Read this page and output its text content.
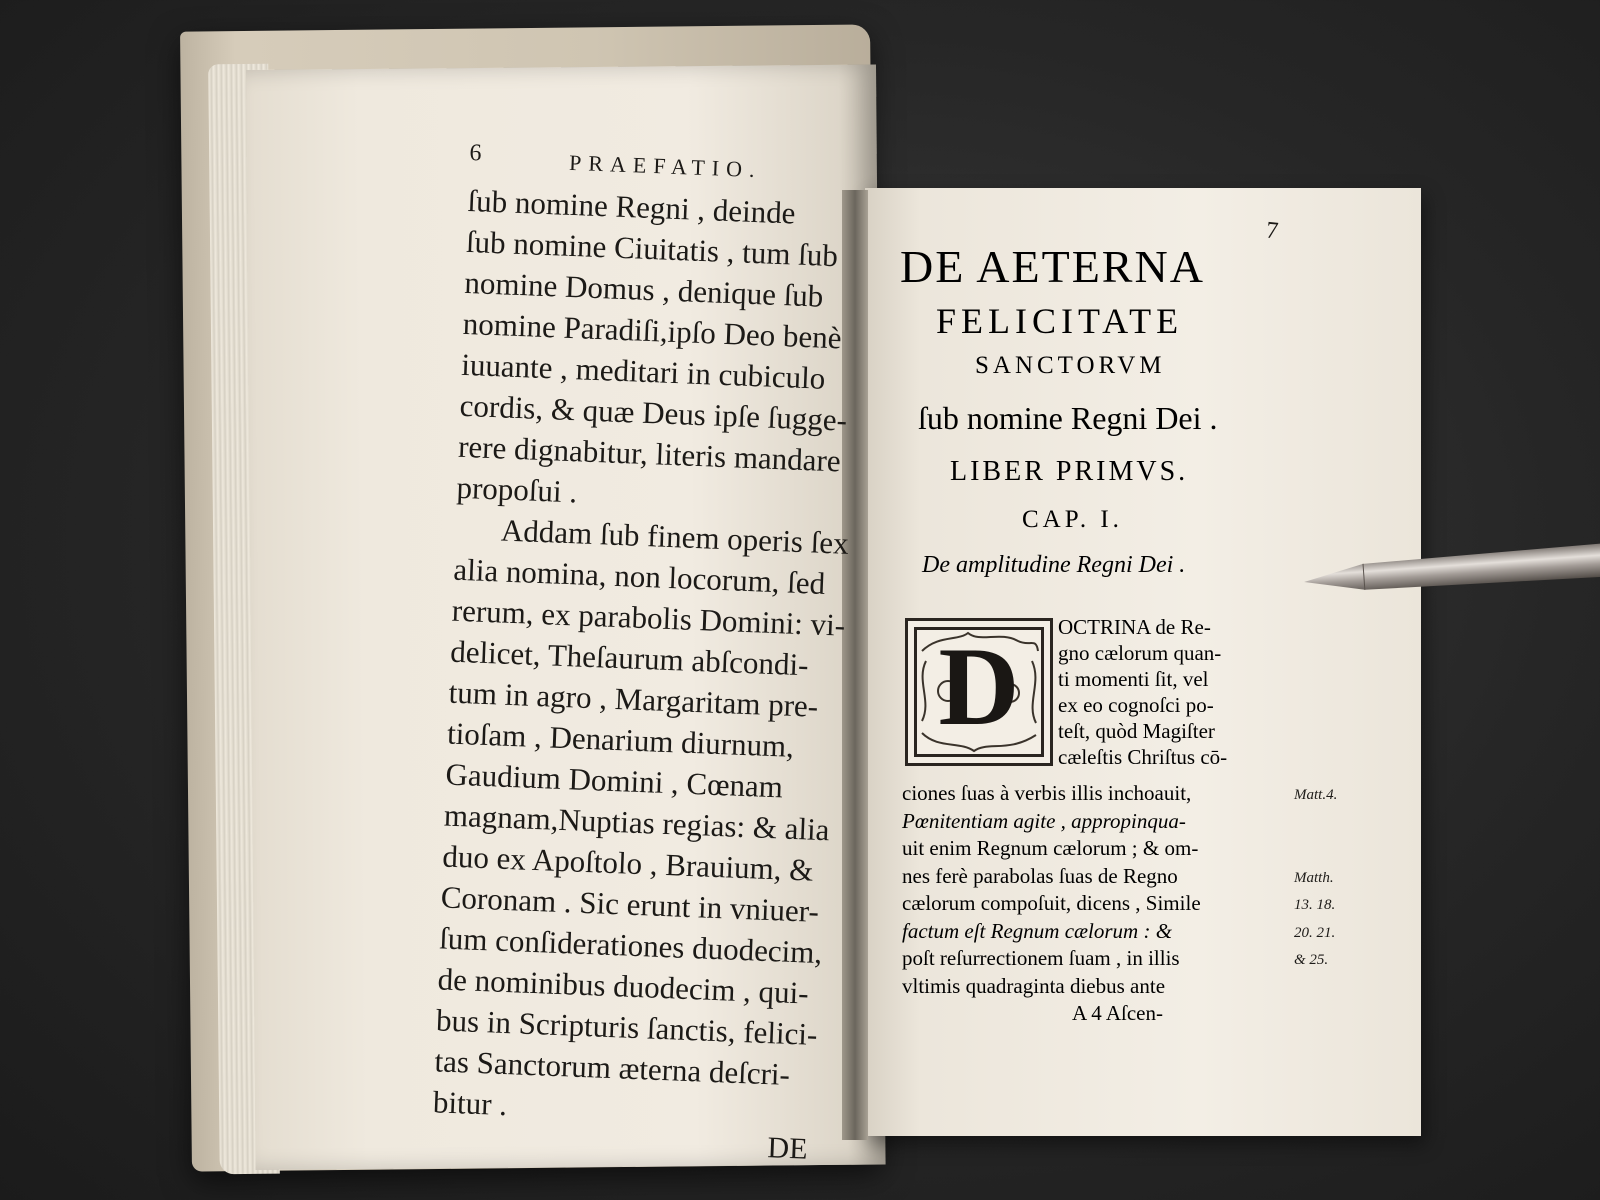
6	PRAEFATIO.
ſub nomine Regni , deinde
ſub nomine Ciuitatis , tum ſub
nomine Domus , denique ſub
nomine Paradiſi,ipſo Deo benè
iuuante , meditari in cubiculo
cordis, & quæ Deus ipſe ſugge-
rere dignabitur, literis mandare
propoſui .
Addam ſub finem operis ſex
alia nomina, non locorum, ſed
rerum, ex parabolis Domini: vi-
delicet, Theſaurum abſcondi-
tum in agro , Margaritam pre-
tioſam , Denarium diurnum,
Gaudium Domini , Cœnam
magnam,Nuptias regias: & alia
duo ex Apoſtolo , Brauium, &
Coronam . Sic erunt in vniuer-
ſum conſiderationes duodecim,
de nominibus duodecim , qui-
bus in Scripturis ſanctis, felici-
tas Sanctorum æterna deſcri-
bitur .
DE
7
DE AETERNA
FELICITATE
SANCTORVM
ſub nomine Regni Dei .
LIBER PRIMVS.
CAP. I.
De amplitudine Regni Dei .
D	OCTRINA de Re-
gno cælorum quan-
ti momenti ſit, vel
ex eo cognoſci po-
teſt, quòd Magiſter
cæleſtis Chriſtus cō-
ciones ſuas à verbis illis inchoauit,
Pœnitentiam agite , appropinqua-
uit enim Regnum cælorum ; & om-
nes ferè parabolas ſuas de Regno
cælorum compoſuit, dicens , Simile
factum eſt Regnum cælorum : &
poſt reſurrectionem ſuam , in illis
vltimis quadraginta diebus ante
A 4 Aſcen-
Matt.4.
Matth.
13. 18.
20. 21.
& 25.
